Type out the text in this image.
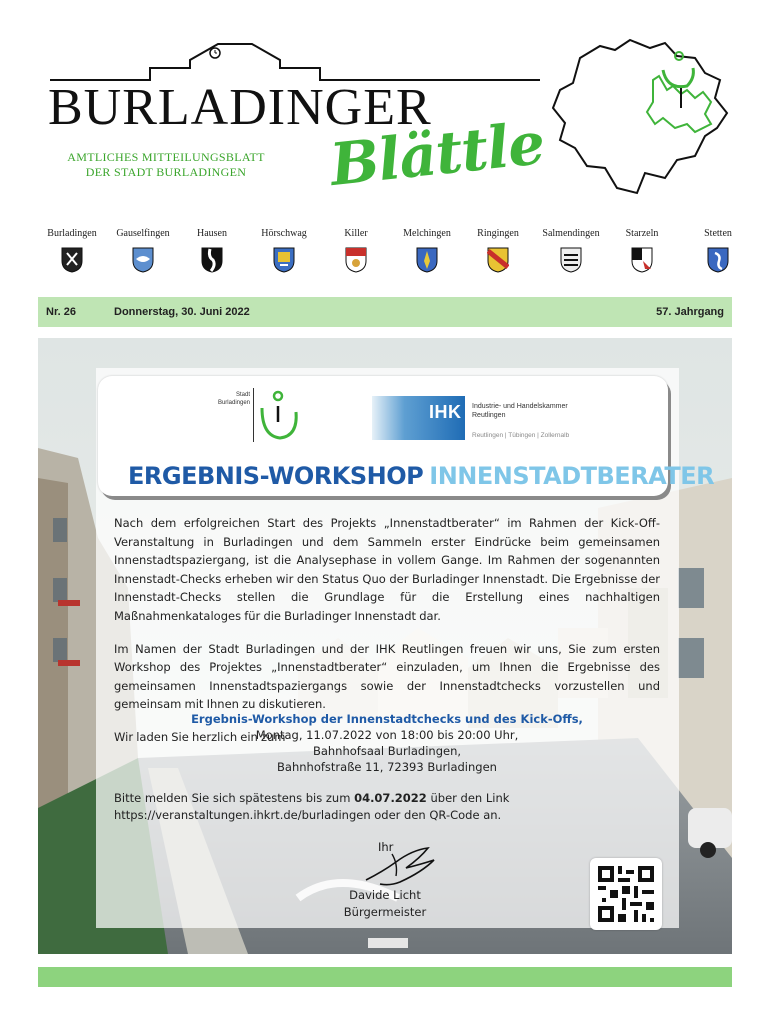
BURLADINGER
AMTLICHES MITTEILUNGSBLATT
DER STADT BURLADINGEN	Blättle
Burladingen	Gauselfingen	Hausen	Hörschwag	Killer	Melchingen	Ringingen	Salmendingen	Starzeln	Stetten
Nr. 26	Donnerstag, 30. Juni 2022	57. Jahrgang
Stadt
Burladingen	IHK Industrie- und Handelskammer
Reutlingen
Reutlingen | Tübingen | Zollernalb
ERGEBNIS-WORKSHOP INNENSTADTBERATER

Nach dem erfolgreichen Start des Projekts „Innenstadtberater“ im Rahmen der Kick-Off-Veranstaltung in Burladingen und dem Sammeln erster Eindrücke beim gemeinsamen Innenstadtspaziergang, ist die Analysephase in vollem Gange. Im Rahmen der sogenannten Innenstadt-Checks erheben wir den Status Quo der Burladinger Innenstadt. Die Ergebnisse der Innenstadt-Checks stellen die Grundlage für die Erstellung eines nachhaltigen Maßnahmenkataloges für die Burladinger Innenstadt dar.

Im Namen der Stadt Burladingen und der IHK Reutlingen freuen wir uns, Sie zum ersten Workshop des Projektes „Innenstadtberater“ einzuladen, um Ihnen die Ergebnisse des gemeinsamen Innenstadtspaziergangs sowie der Innenstadtchecks vorzustellen und gemeinsam mit Ihnen zu diskutieren.

Wir laden Sie herzlich ein zum

Ergebnis-Workshop der Innenstadtchecks und des Kick-Offs,
Montag, 11.07.2022 von 18:00 bis 20:00 Uhr,
Bahnhofsaal Burladingen,
Bahnhofstraße 11, 72393 Burladingen
Bitte melden Sie sich spätestens bis zum 04.07.2022 über den Link
https://veranstaltungen.ihkrt.de/burladingen oder den QR-Code an.
Ihr
Davide Licht
Bürgermeister
